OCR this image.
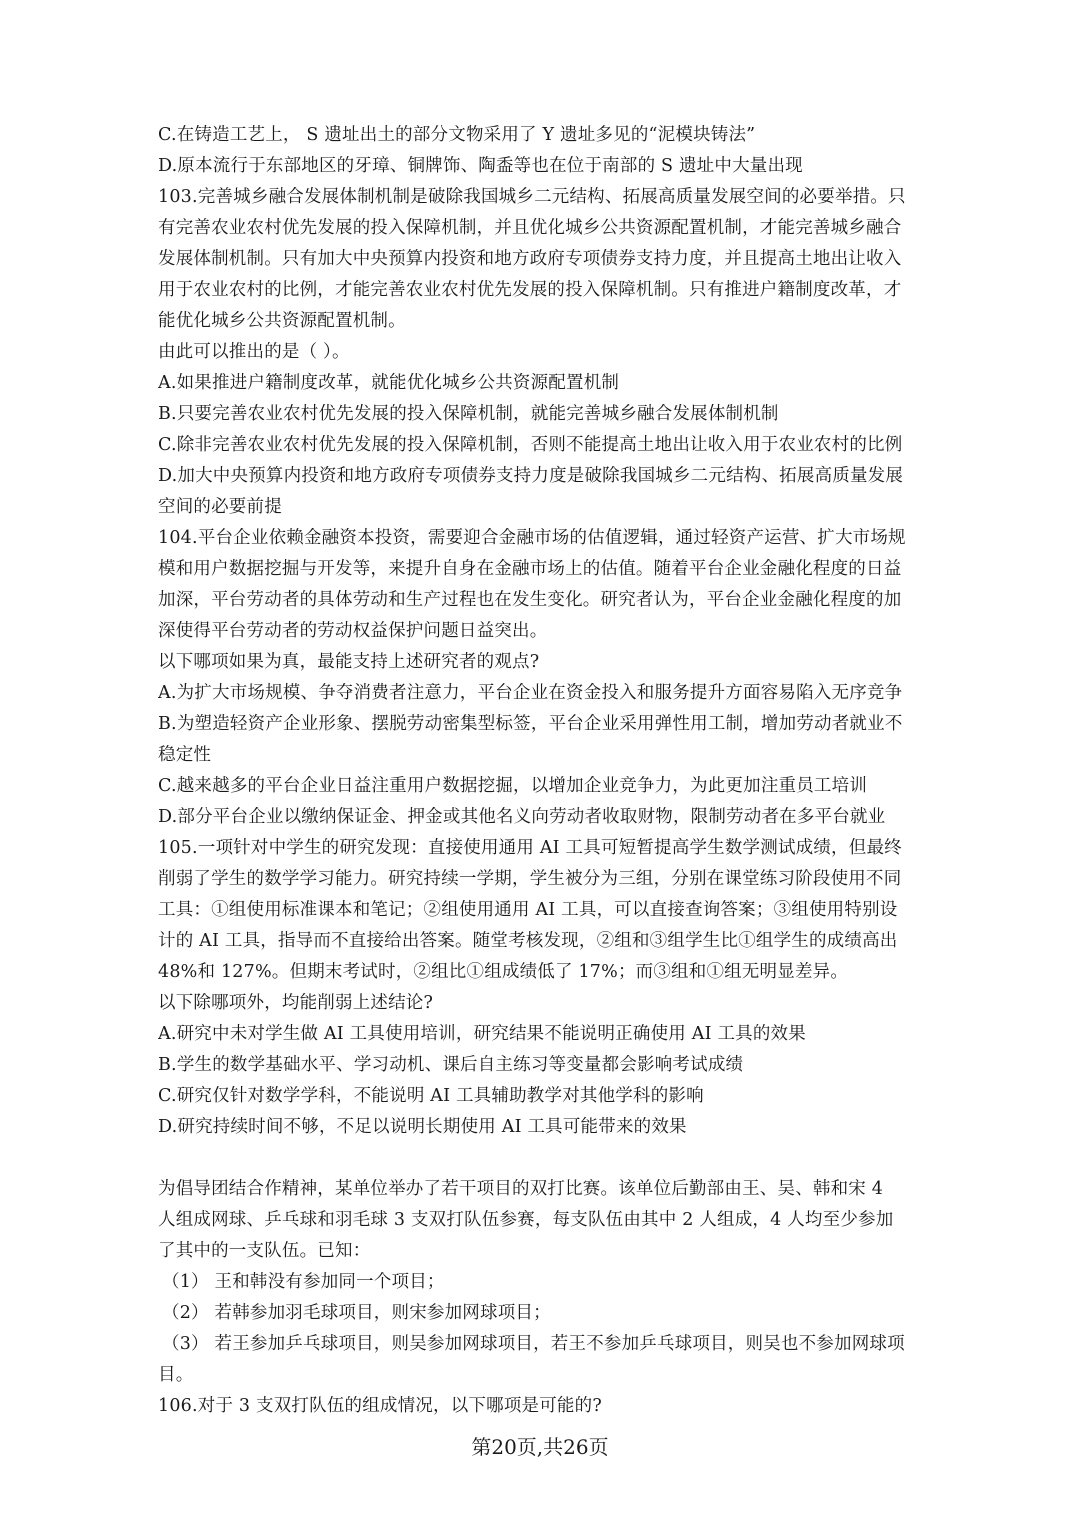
C.在铸造工艺上， S 遗址出土的部分文物采用了 Y 遗址多见的“泥模块铸法”
D.原本流行于东部地区的牙璋、铜牌饰、陶盉等也在位于南部的 S 遗址中大量出现
103.完善城乡融合发展体制机制是破除我国城乡二元结构、拓展高质量发展空间的必要举措。只
有完善农业农村优先发展的投入保障机制，并且优化城乡公共资源配置机制，才能完善城乡融合
发展体制机制。只有加大中央预算内投资和地方政府专项债券支持力度，并且提高土地出让收入
用于农业农村的比例，才能完善农业农村优先发展的投入保障机制。只有推进户籍制度改革，才
能优化城乡公共资源配置机制。
由此可以推出的是（ ）。
A.如果推进户籍制度改革，就能优化城乡公共资源配置机制
B.只要完善农业农村优先发展的投入保障机制，就能完善城乡融合发展体制机制
C.除非完善农业农村优先发展的投入保障机制，否则不能提高土地出让收入用于农业农村的比例
D.加大中央预算内投资和地方政府专项债券支持力度是破除我国城乡二元结构、拓展高质量发展
空间的必要前提
104.平台企业依赖金融资本投资，需要迎合金融市场的估值逻辑，通过轻资产运营、扩大市场规
模和用户数据挖掘与开发等，来提升自身在金融市场上的估值。随着平台企业金融化程度的日益
加深，平台劳动者的具体劳动和生产过程也在发生变化。研究者认为，平台企业金融化程度的加
深使得平台劳动者的劳动权益保护问题日益突出。
以下哪项如果为真，最能支持上述研究者的观点?
A.为扩大市场规模、争夺消费者注意力，平台企业在资金投入和服务提升方面容易陷入无序竞争
B.为塑造轻资产企业形象、摆脱劳动密集型标签，平台企业采用弹性用工制，增加劳动者就业不
稳定性
C.越来越多的平台企业日益注重用户数据挖掘，以增加企业竞争力，为此更加注重员工培训
D.部分平台企业以缴纳保证金、押金或其他名义向劳动者收取财物，限制劳动者在多平台就业
105.一项针对中学生的研究发现：直接使用通用 AI 工具可短暂提高学生数学测试成绩，但最终
削弱了学生的数学学习能力。研究持续一学期，学生被分为三组，分别在课堂练习阶段使用不同
工具：①组使用标准课本和笔记；②组使用通用 AI 工具，可以直接查询答案；③组使用特别设
计的 AI 工具，指导而不直接给出答案。随堂考核发现，②组和③组学生比①组学生的成绩高出
48%和 127%。但期末考试时，②组比①组成绩低了 17%；而③组和①组无明显差异。
以下除哪项外，均能削弱上述结论?
A.研究中未对学生做 AI 工具使用培训，研究结果不能说明正确使用 AI 工具的效果
B.学生的数学基础水平、学习动机、课后自主练习等变量都会影响考试成绩
C.研究仅针对数学学科，不能说明 AI 工具辅助教学对其他学科的影响
D.研究持续时间不够，不足以说明长期使用 AI 工具可能带来的效果
为倡导团结合作精神，某单位举办了若干项目的双打比赛。该单位后勤部由王、吴、韩和宋 4
人组成网球、乒乓球和羽毛球 3 支双打队伍参赛，每支队伍由其中 2 人组成，4 人均至少参加
了其中的一支队伍。已知：
（1） 王和韩没有参加同一个项目；
（2） 若韩参加羽毛球项目，则宋参加网球项目；
（3） 若王参加乒乓球项目，则吴参加网球项目，若王不参加乒乓球项目，则吴也不参加网球项
目。
106.对于 3 支双打队伍的组成情况，以下哪项是可能的?
第20页,共26页
